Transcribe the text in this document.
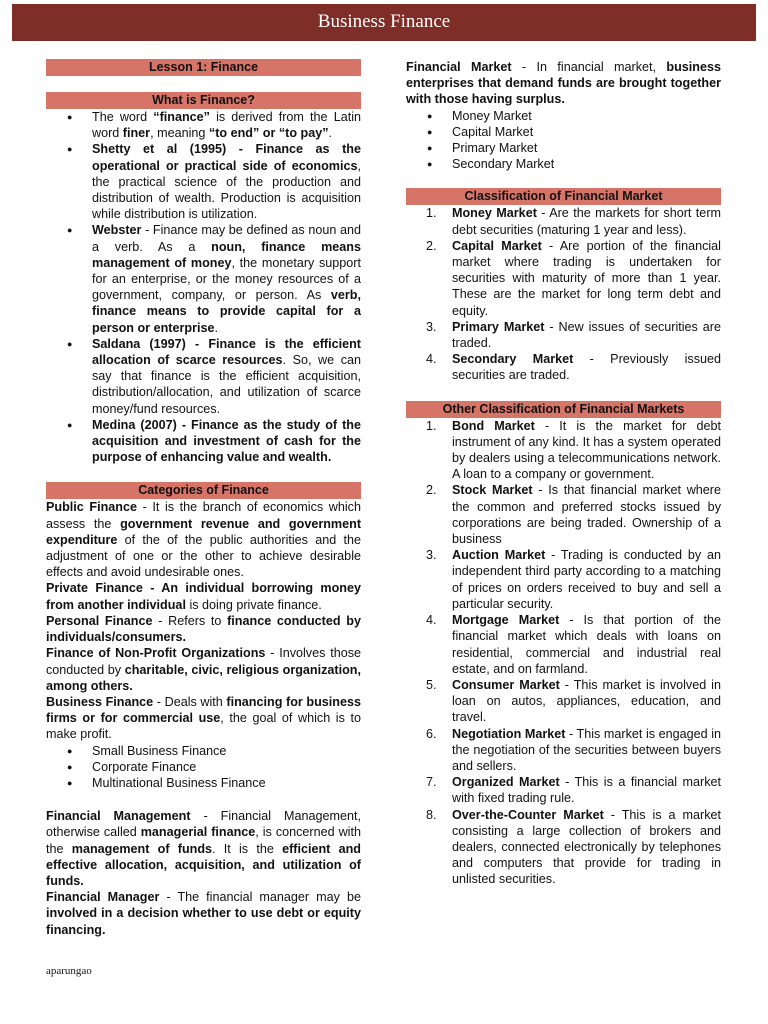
Business Finance
Lesson 1: Finance
What is Finance?
● The word “finance” is derived from the Latin word finer, meaning “to end” or “to pay”.
● Shetty et al (1995) - Finance as the operational or practical side of economics, the practical science of the production and distribution of wealth. Production is acquisition while distribution is utilization.
● Webster - Finance may be defined as noun and a verb. As a noun, finance means management of money, the monetary support for an enterprise, or the money resources of a government, company, or person. As verb, finance means to provide capital for a person or enterprise.
● Saldana (1997) - Finance is the efficient allocation of scarce resources. So, we can say that finance is the efficient acquisition, distribution/allocation, and utilization of scarce money/fund resources.
● Medina (2007) - Finance as the study of the acquisition and investment of cash for the purpose of enhancing value and wealth.
Categories of Finance

Public Finance - It is the branch of economics which assess the government revenue and government expenditure of the of the public authorities and the adjustment of one or the other to achieve desirable effects and avoid undesirable ones.

Private Finance - An individual borrowing money from another individual is doing private finance.

Personal Finance - Refers to finance conducted by individuals/consumers.

Finance of Non-Profit Organizations - Involves those conducted by charitable, civic, religious organization, among others.

Business Finance - Deals with financing for business firms or for commercial use, the goal of which is to make profit.

● Small Business Finance
● Corporate Finance
● Multinational Business Finance

Financial Management - Financial Management, otherwise called managerial finance, is concerned with the management of funds. It is the efficient and effective allocation, acquisition, and utilization of funds.

Financial Manager - The financial manager may be involved in a decision whether to use debt or equity financing.

Financial Market - In financial market, business enterprises that demand funds are brought together with those having surplus.

● Money Market
● Capital Market
● Primary Market
● Secondary Market
Classification of Financial Market
1. Money Market - Are the markets for short term debt securities (maturing 1 year and less).
2. Capital Market - Are portion of the financial market where trading is undertaken for securities with maturity of more than 1 year. These are the market for long term debt and equity.
3. Primary Market - New issues of securities are traded.
4. Secondary Market - Previously issued securities are traded.
Other Classification of Financial Markets
1. Bond Market - It is the market for debt instrument of any kind. It has a system operated by dealers using a telecommunications network. A loan to a company or government.
2. Stock Market - Is that financial market where the common and preferred stocks issued by corporations are being traded. Ownership of a business
3. Auction Market - Trading is conducted by an independent third party according to a matching of prices on orders received to buy and sell a particular security.
4. Mortgage Market - Is that portion of the financial market which deals with loans on residential, commercial and industrial real estate, and on farmland.
5. Consumer Market - This market is involved in loan on autos, appliances, education, and travel.
6. Negotiation Market - This market is engaged in the negotiation of the securities between buyers and sellers.
7. Organized Market - This is a financial market with fixed trading rule.
8. Over-the-Counter Market - This is a market consisting a large collection of brokers and dealers, connected electronically by telephones and computers that provide for trading in unlisted securities.
aparungao
